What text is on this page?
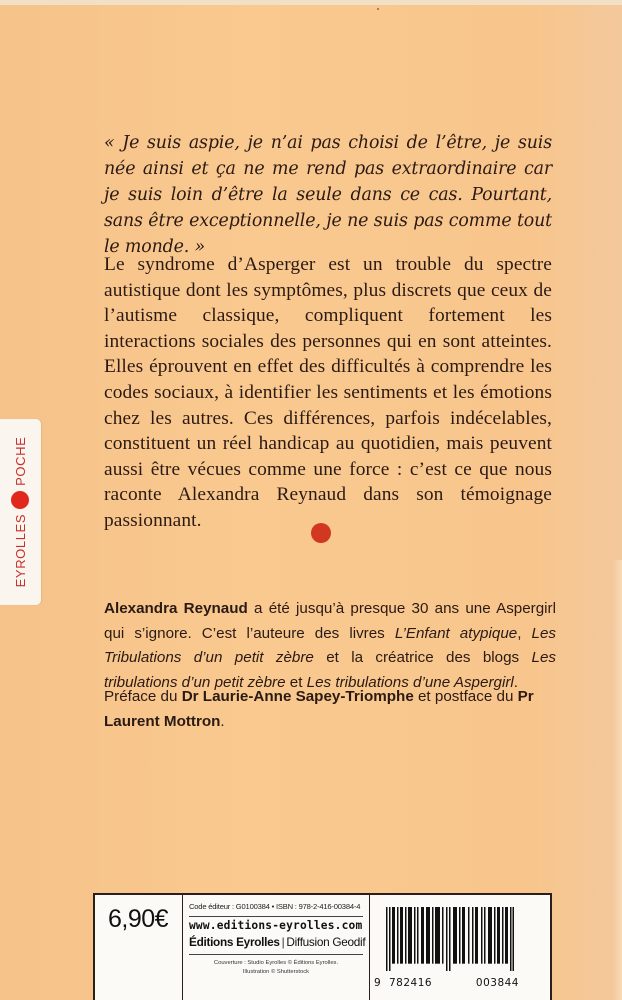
« Je suis aspie, je n’ai pas choisi de l’être, je suis née ainsi et ça ne me rend pas extraordinaire car je suis loin d’être la seule dans ce cas. Pourtant, sans être exceptionnelle, je ne suis pas comme tout le monde. »

Le syndrome d’Asperger est un trouble du spectre autistique dont les symptômes, plus discrets que ceux de l’autisme classique, compliquent fortement les interactions sociales des personnes qui en sont atteintes. Elles éprouvent en effet des difficultés à comprendre les codes sociaux, à identifier les sentiments et les émotions chez les autres. Ces différences, parfois indécelables, constituent un réel handicap au quotidien, mais peuvent aussi être vécues comme une force : c’est ce que nous raconte Alexandra Reynaud dans son témoignage passionnant.

Alexandra Reynaud a été jusqu’à presque 30 ans une Aspergirl qui s’ignore. C’est l’auteure des livres L’Enfant atypique, Les Tribulations d’un petit zèbre et la créatrice des blogs Les tribulations d’un petit zèbre et Les tribulations d’une Aspergirl.

Préface du Dr Laurie-Anne Sapey-Triomphe et postface du Pr Laurent Mottron.

EYROLLES
POCHE
6,90€	Code éditeur : G0100384 • ISBN : 978-2-416-00384-4
www.editions-eyrolles.com
Éditions Eyrolles | Diffusion Geodif
Couverture : Studio Eyrolles © Éditions Eyrolles.
Illustration © Shutterstock
9 782416	003844
